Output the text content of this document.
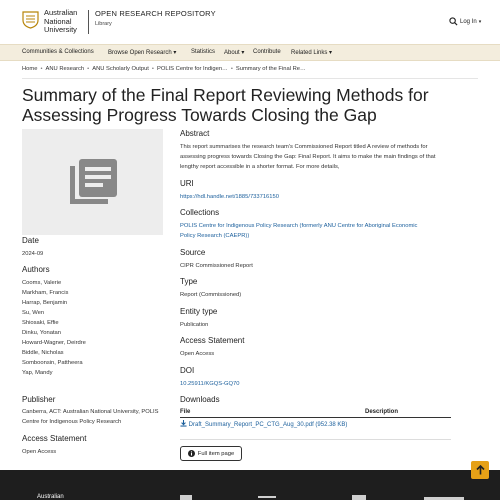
Australian
National
University
OPEN RESEARCH REPOSITORY
Library	Log In ▾
Communities & Collections Browse Open Research ▾ Statistics About ▾ Contribute Related Links ▾
Home • ANU Research • ANU Scholarly Output • POLIS Centre for Indigen… • Summary of the Final Re…
Summary of the Final Report Reviewing Methods for Assessing Progress Towards Closing the Gap
Date
2024-09
Authors
Cooms, Valerie
Markham, Francis
Harrap, Benjamin
Su, Wen
Shiosaki, Effie
Dinku, Yonatan
Howard-Wagner, Deirdre
Biddle, Nicholas
Somboonsin, Pattheera
Yap, Mandy
Publisher
Canberra, ACT: Australian National University, POLIS Centre for Indigenous Policy Research
Access Statement
Open Access
Abstract
This report summarises the research team's Commissioned Report titled A review of methods for assessing progress towards Closing the Gap: Final Report. It aims to make the main findings of that lengthy report accessible in a shorter format. For more details,
URI
https://hdl.handle.net/1885/733716150
Collections
POLIS Centre for Indigenous Policy Research (formerly ANU Centre for Aboriginal Economic Policy Research (CAEPR))
Source
CIPR Commissioned Report
Type
Report (Commissioned)
Entity type
Publication
Access Statement
Open Access
DOI
10.25911/KGQS-GQ70
Downloads
File	Description
Draft_Summary_Report_PC_CTG_Aug_30.pdf (952.38 KB)
Full item page
Australian
